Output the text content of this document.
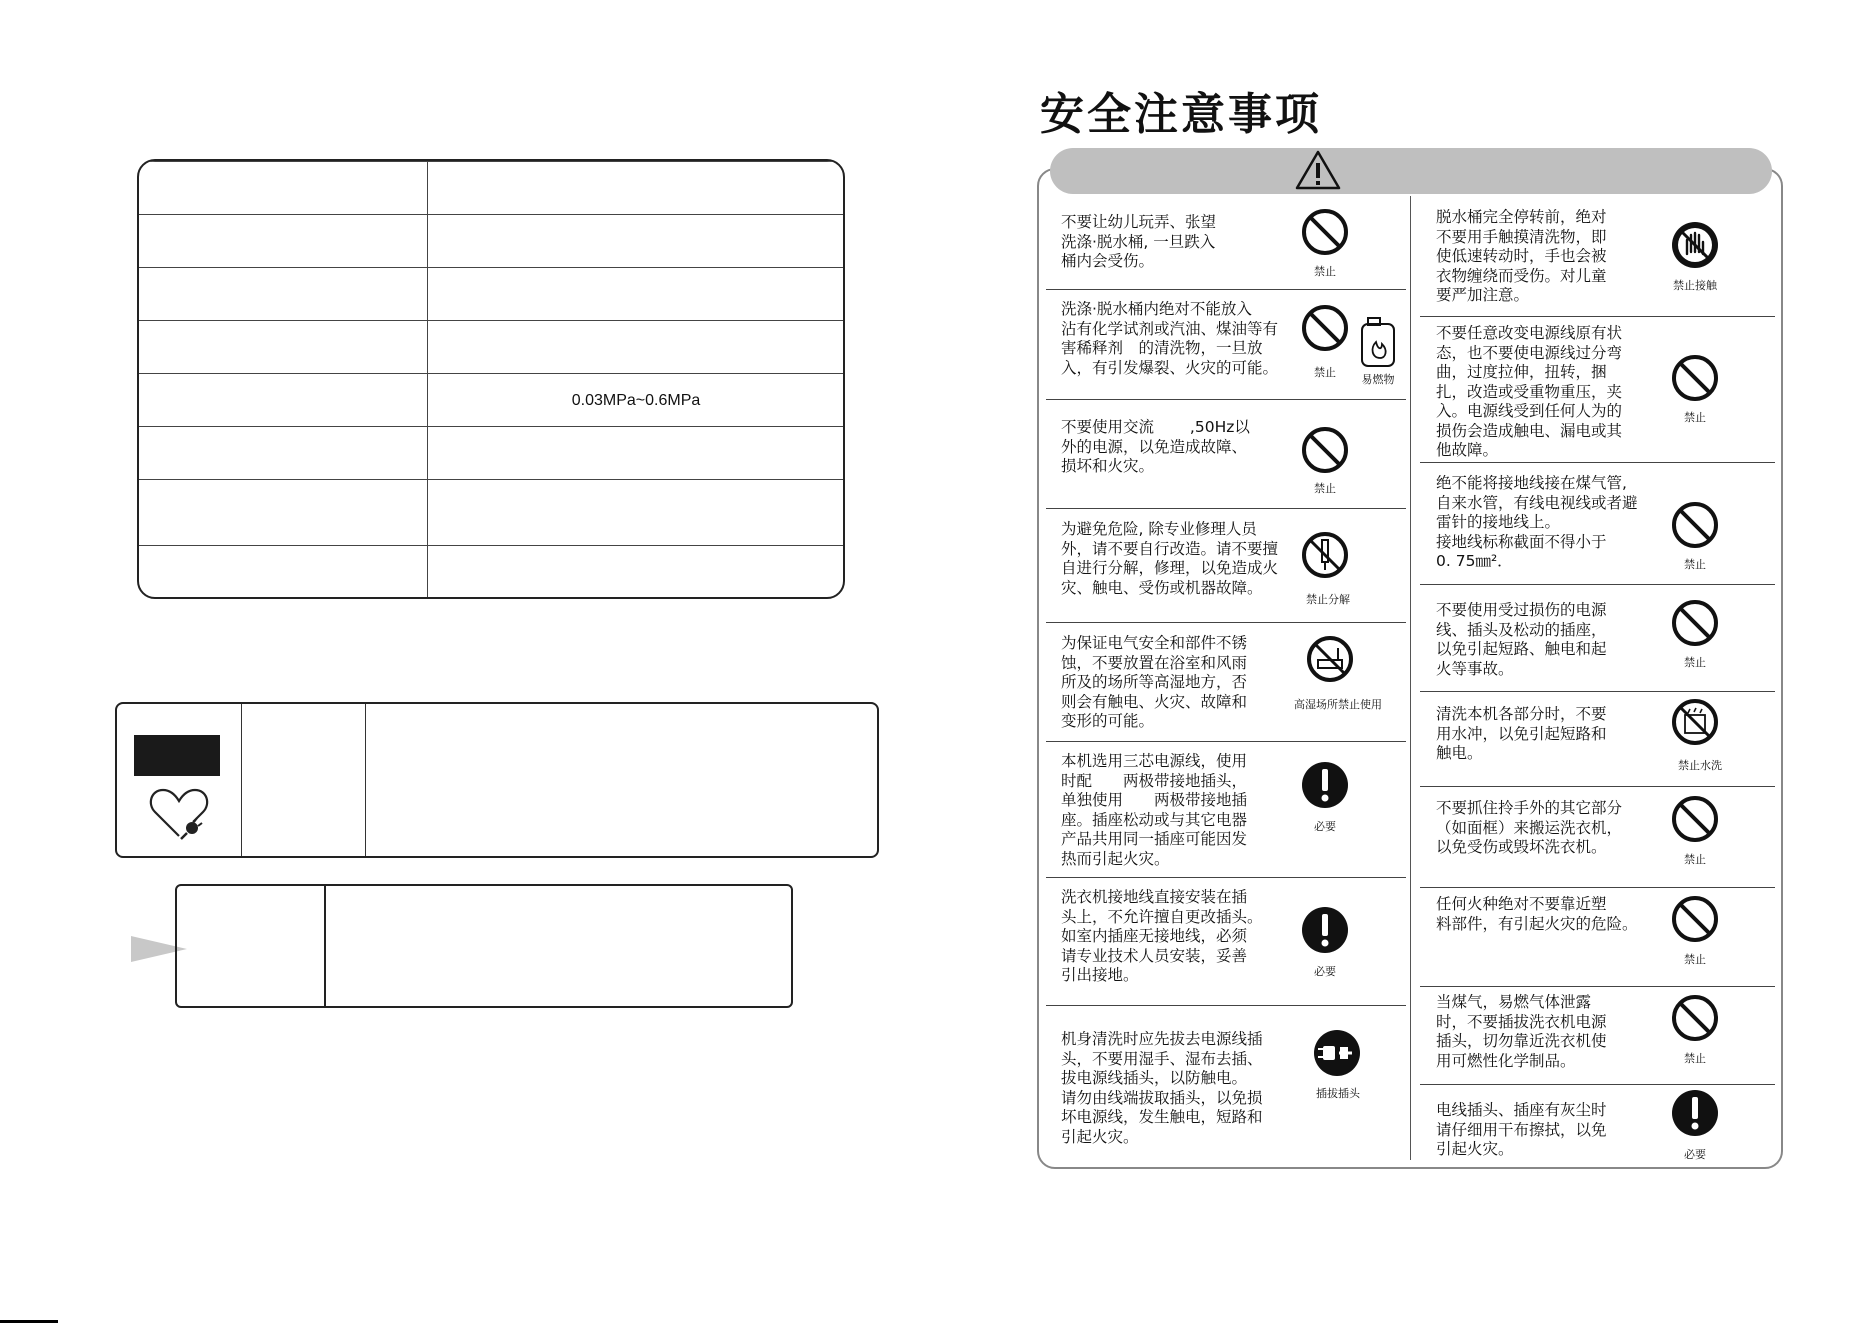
0.03MPa~0.6MPa
安全注意事项
不要让幼儿玩弄、张望
洗涤·脱水桶, 一旦跌入
桶内会受伤。
禁止
洗涤·脱水桶内绝对不能放入
沾有化学试剂或汽油、煤油等有
害稀释剂　的清洗物，一旦放
入，有引发爆裂、火灾的可能。	禁止
易燃物
不要使用交流　　 ,50Hz以
外的电源，以免造成故障、
损坏和火灾。
禁止
为避免危险, 除专业修理人员
外，请不要自行改造。请不要擅
自进行分解，修理，以免造成火
灾、触电、受伤或机器故障。
禁止分解
为保证电气安全和部件不锈
蚀，不要放置在浴室和风雨
所及的场所等高湿地方，否
则会有触电、火灾、故障和
变形的可能。
高湿场所禁止使用
本机选用三芯电源线，使用
时配　　两极带接地插头，
单独使用　　两极带接地插
座。插座松动或与其它电器
产品共用同一插座可能因发
热而引起火灾。
必要
洗衣机接地线直接安装在插
头上，不允许擅自更改插头。
如室内插座无接地线，必须
请专业技术人员安装，妥善
引出接地。	必要
机身清洗时应先拔去电源线插
头，不要用湿手、湿布去插、
拔电源线插头，以防触电。
请勿由线端拔取插头，以免损
坏电源线，发生触电，短路和
引起火灾。
插拔插头
脱水桶完全停转前，绝对
不要用手触摸清洗物，即
使低速转动时，手也会被
衣物缠绕而受伤。对儿童
要严加注意。
禁止接触
不要任意改变电源线原有状
态，也不要使电源线过分弯
曲，过度拉伸，扭转，捆
扎，改造或受重物重压，夹
入。电源线受到任何人为的
损伤会造成触电、漏电或其
他故障。
禁止
绝不能将接地线接在煤气管,
自来水管，有线电视线或者避
雷针的接地线上。
接地线标称截面不得小于
0. 75㎜²．	禁止
不要使用受过损伤的电源
线、插头及松动的插座，
以免引起短路、触电和起
火等事故。	禁止
清洗本机各部分时，不要
用水冲，以免引起短路和
触电。
禁止水洗
不要抓住拎手外的其它部分
（如面框）来搬运洗衣机，
以免受伤或毁坏洗衣机。
禁止
任何火种绝对不要靠近塑
料部件，有引起火灾的危险。
禁止
当煤气，易燃气体泄露
时，不要插拔洗衣机电源
插头，切勿靠近洗衣机使
用可燃性化学制品。	禁止
电线插头、插座有灰尘时
请仔细用干布擦拭，以免
引起火灾。	必要
